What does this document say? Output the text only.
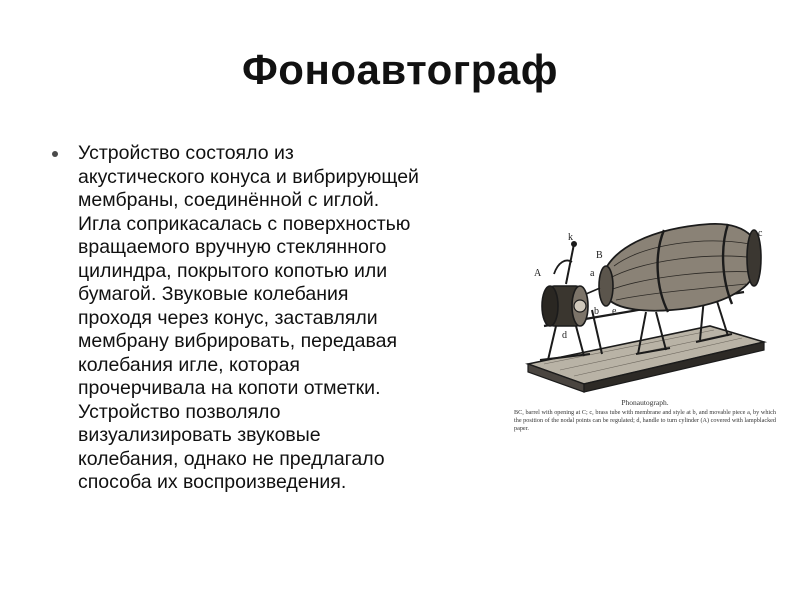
Фоноавтограф
Устройство состояло из
акустического конуса и вибрирующей
мембраны, соединённой с иглой.
Игла соприкасалась с поверхностью
вращаемого вручную стеклянного
цилиндра, покрытого копотью или
бумагой. Звуковые колебания
проходя через конус, заставляли
мембрану вибрировать, передавая
колебания игле, которая
прочерчивала на копоти отметки.
Устройство позволяло
визуализировать звуковые
колебания, однако не предлагало
способа их воспроизведения.
A
B
c
k
a
b e
d
Phonautograph.
BC, barrel with opening at C; c, brass tube with membrane and style at b, and movable piece a, by which the position of the nodal points can be regulated; d, handle to turn cylinder (A) covered with lampblacked paper.
